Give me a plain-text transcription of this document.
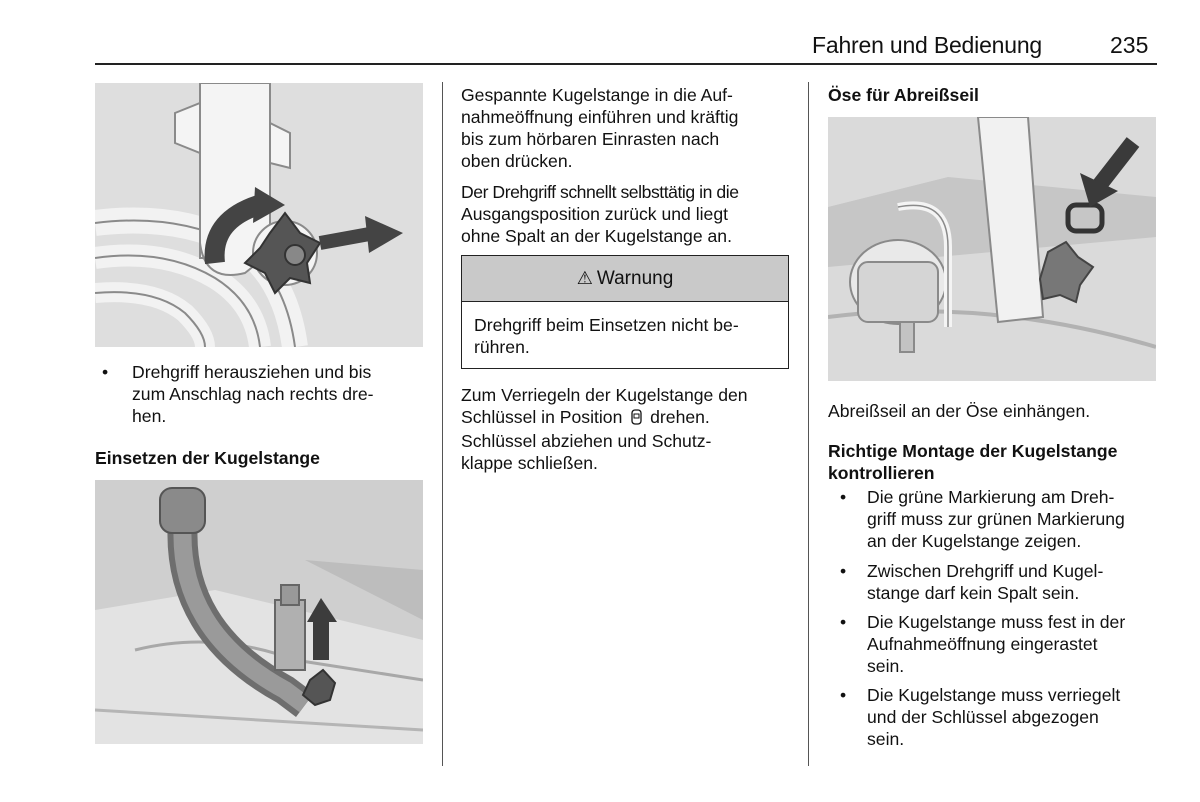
Fahren und Bedienung	235
•	Drehgriff herausziehen und bis
zum Anschlag nach rechts dre-
hen.
Einsetzen der Kugelstange
Gespannte Kugelstange in die Auf-
nahmeöffnung einführen und kräftig
bis zum hörbaren Einrasten nach
oben drücken.
Der Drehgriff schnellt selbsttätig in die
Ausgangsposition zurück und liegt
ohne Spalt an der Kugelstange an.
⚠ Warnung
Drehgriff beim Einsetzen nicht be-
rühren.
Zum Verriegeln der Kugelstange den
Schlüssel in Position drehen.
Schlüssel abziehen und Schutz-
klappe schließen.
Öse für Abreißseil
Abreißseil an der Öse einhängen.
Richtige Montage der Kugelstange
kontrollieren
•	Die grüne Markierung am Dreh-
griff muss zur grünen Markierung
an der Kugelstange zeigen.
•	Zwischen Drehgriff und Kugel-
stange darf kein Spalt sein.
•	Die Kugelstange muss fest in der
Aufnahmeöffnung eingerastet
sein.
•	Die Kugelstange muss verriegelt
und der Schlüssel abgezogen
sein.
